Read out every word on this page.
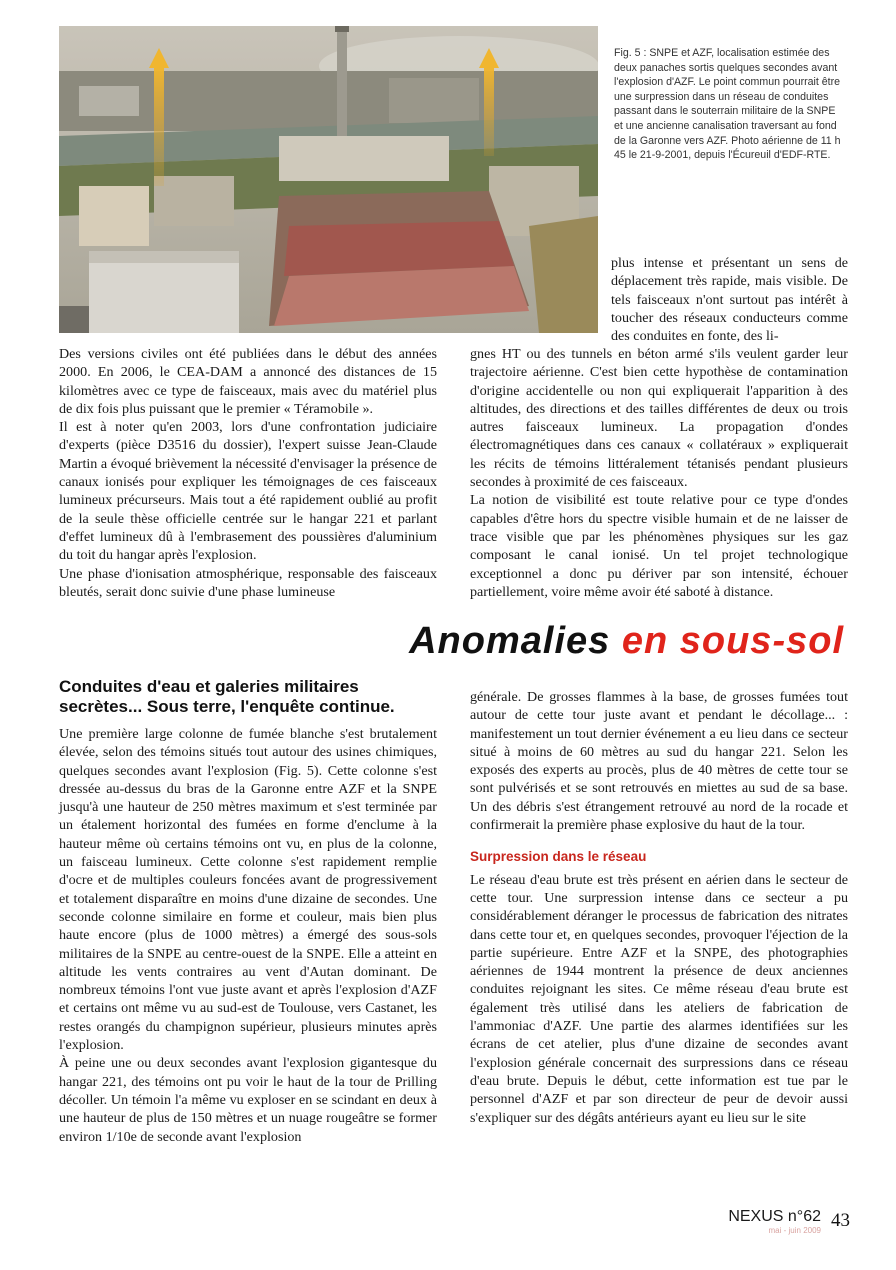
Fig. 5 : SNPE et AZF, localisation estimée des deux panaches sortis quelques secondes avant l'explosion d'AZF. Le point commun pourrait être une surpression dans un réseau de conduites passant dans le souterrain militaire de la SNPE et une ancienne canalisation traversant au fond de la Garonne vers AZF. Photo aérienne de 11 h 45 le 21-9-2001, depuis l'Écureuil d'EDF-RTE.

plus intense et présentant un sens de déplacement très rapide, mais visible. De tels faisceaux n'ont surtout pas intérêt à toucher des réseaux conducteurs comme des conduites en fonte, des li-

Des versions civiles ont été publiées dans le début des années 2000. En 2006, le CEA-DAM a annoncé des distances de 15 kilomètres avec ce type de faisceaux, mais avec du matériel plus de dix fois plus puissant que le premier « Téramobile ».

Il est à noter qu'en 2003, lors d'une confrontation judiciaire d'experts (pièce D3516 du dossier), l'expert suisse Jean-Claude Martin a évoqué brièvement la nécessité d'envisager la présence de canaux ionisés pour expliquer les témoignages de ces faisceaux lumineux précurseurs. Mais tout a été rapidement oublié au profit de la seule thèse officielle centrée sur le hangar 221 et parlant d'effet lumineux dû à l'embrasement des poussières d'aluminium du toit du hangar après l'explosion.

Une phase d'ionisation atmosphérique, responsable des faisceaux bleutés, serait donc suivie d'une phase lumineuse

gnes HT ou des tunnels en béton armé s'ils veulent garder leur trajectoire aérienne. C'est bien cette hypothèse de contamination d'origine accidentelle ou non qui expliquerait l'apparition à des altitudes, des directions et des tailles différentes de deux ou trois autres faisceaux lumineux. La propagation d'ondes électromagnétiques dans ces canaux « collatéraux » expliquerait les récits de témoins littéralement tétanisés pendant plusieurs secondes à proximité de ces faisceaux.

La notion de visibilité est toute relative pour ce type d'ondes capables d'être hors du spectre visible humain et de ne laisser de trace visible que par les phénomènes physiques sur les gaz composant le canal ionisé. Un tel projet technologique exceptionnel a donc pu dériver par son intensité, échouer partiellement, voire même avoir été saboté à distance.

Anomalies en sous-sol
Conduites d'eau et galeries militaires secrètes... Sous terre, l'enquête continue.

Une première large colonne de fumée blanche s'est brutalement élevée, selon des témoins situés tout autour des usines chimiques, quelques secondes avant l'explosion (Fig. 5). Cette colonne s'est dressée au-dessus du bras de la Garonne entre AZF et la SNPE jusqu'à une hauteur de 250 mètres maximum et s'est terminée par un étalement horizontal des fumées en forme d'enclume à la hauteur même où certains témoins ont vu, en plus de la colonne, un faisceau lumineux. Cette colonne s'est rapidement remplie d'ocre et de multiples couleurs foncées avant de progressivement et totalement disparaître en moins d'une dizaine de secondes. Une seconde colonne similaire en forme et couleur, mais bien plus haute encore (plus de 1000 mètres) a émergé des sous-sols militaires de la SNPE au centre-ouest de la SNPE. Elle a atteint en altitude les vents contraires au vent d'Autan dominant. De nombreux témoins l'ont vue juste avant et après l'explosion d'AZF et certains ont même vu au sud-est de Toulouse, vers Castanet, les restes orangés du champignon supérieur, plusieurs minutes après l'explosion.

À peine une ou deux secondes avant l'explosion gigantesque du hangar 221, des témoins ont pu voir le haut de la tour de Prilling décoller. Un témoin l'a même vu exploser en se scindant en deux à une hauteur de plus de 150 mètres et un nuage rougeâtre se former environ 1/10e de seconde avant l'explosion

générale. De grosses flammes à la base, de grosses fumées tout autour de cette tour juste avant et pendant le décollage... : manifestement un tout dernier événement a eu lieu dans ce secteur situé à moins de 60 mètres au sud du hangar 221. Selon les exposés des experts au procès, plus de 40 mètres de cette tour se sont pulvérisés et se sont retrouvés en miettes au sud de sa base. Un des débris s'est étrangement retrouvé au nord de la rocade et confirmerait la première phase explosive du haut de la tour.

Surpression dans le réseau

Le réseau d'eau brute est très présent en aérien dans le secteur de cette tour. Une surpression intense dans ce secteur a pu considérablement déranger le processus de fabrication des nitrates dans cette tour et, en quelques secondes, provoquer l'éjection de la partie supérieure. Entre AZF et la SNPE, des photographies aériennes de 1944 montrent la présence de deux anciennes conduites rejoignant les sites. Ce même réseau d'eau brute est également très utilisé dans les ateliers de fabrication de l'ammoniac d'AZF. Une partie des alarmes identifiées sur les écrans de cet atelier, plus d'une dizaine de secondes avant l'explosion générale concernait des surpressions dans ce réseau d'eau brute. Depuis le début, cette information est tue par le personnel d'AZF et par son directeur de peur de devoir aussi s'expliquer sur des dégâts antérieurs ayant eu lieu sur le site

NEXUS n°62
mai - juin 2009 43
